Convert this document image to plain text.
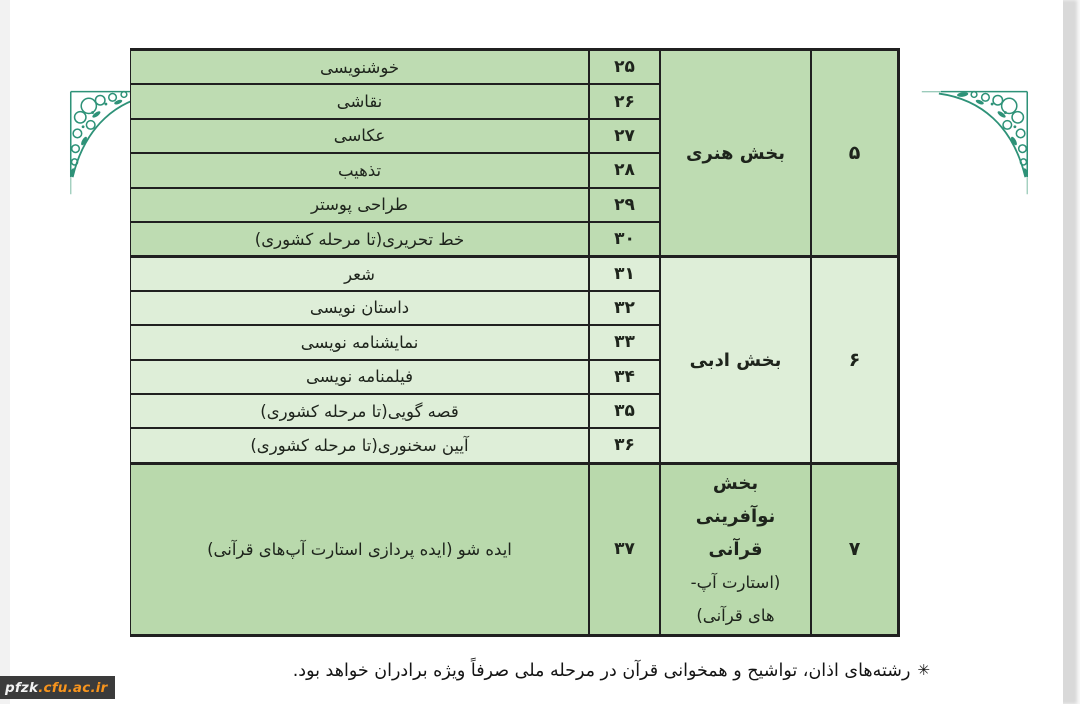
۵
بخش هنری
۲۵
خوشنویسی
۲۶
نقاشی
۲۷
عکاسی
۲۸
تذهیب
۲۹
طراحی پوستر
۳۰
خط تحریری(تا مرحله کشوری)
۶
بخش ادبی
۳۱
شعر
۳۲
داستان نویسی
۳۳
نمایشنامه نویسی
۳۴
فیلمنامه نویسی
۳۵
قصه گویی(تا مرحله کشوری)
۳۶
آیین سخنوری(تا مرحله کشوری)
۷
بخش
نوآفرینی
قرآنی
(استارت آپ-
های قرآنی)
۳۷
ایده شو (ایده پردازی استارت آپ‌های قرآنی)
✳
رشته‌های اذان، تواشیح و همخوانی قرآن در مرحله ملی صرفاً ویژه برادران خواهد بود.
pfzk .cfu.ac.ir
